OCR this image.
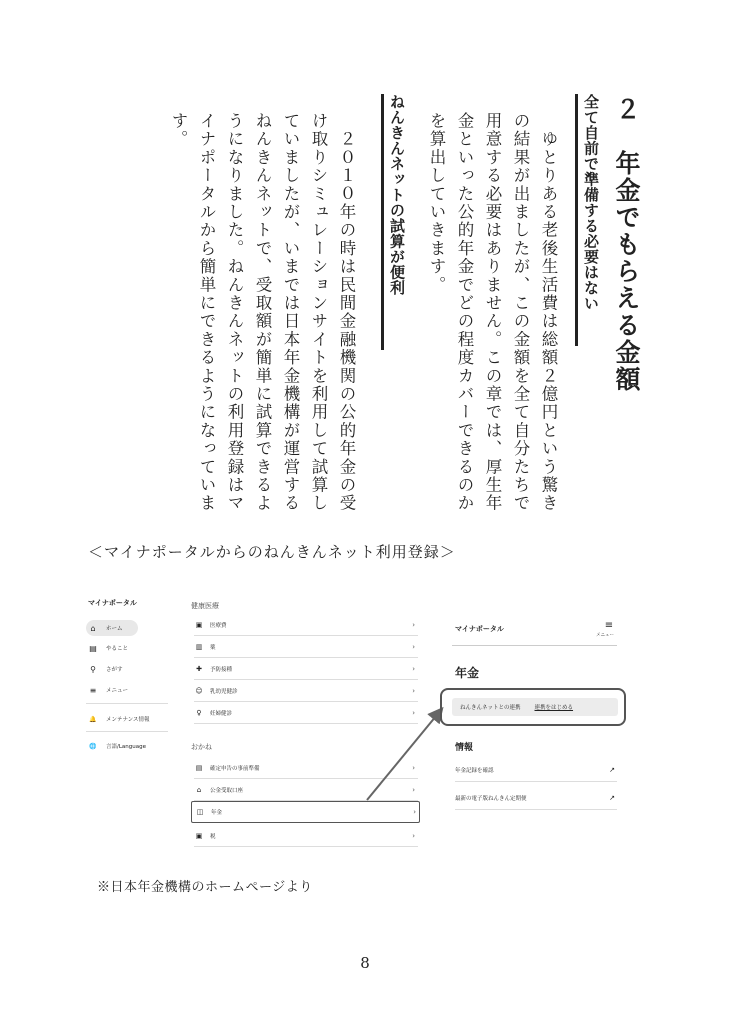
２　年金でもらえる金額
全て自前で準備する必要はない
　ゆとりある老後生活費は総額２億円という驚き
の結果が出ましたが、この金額を全て自分たちで
用意する必要はありません。この章では、厚生年
金といった公的年金でどの程度カバーできるのか
を算出していきます。
ねんきんネットの試算が便利
　２０１０年の時は民間金融機関の公的年金の受
け取りシミュレーションサイトを利用して試算し
ていましたが、いまでは日本年金機構が運営する
ねんきんネットで、受取額が簡単に試算できるよ
うになりました。ねんきんネットの利用登録はマ
イナポータルから簡単にできるようになっていま
す。
＜マイナポータルからのねんきんネット利用登録＞
マイナポータル
⌂	ホーム
▤	やること
⚲	さがす
≡	メニュー
🔔	メンテナンス情報
🌐	言語/Language
健康医療
▣	医療費	›
▥	薬	›
✚	予防接種	›
☺ 乳幼児健診	›
♀	妊婦健診	›
おかね
▤	確定申告の事前準備	›
⌂	公金受取口座	›
◫	年金	›
▣	税	›
マイナポータル	≡
メニュー
年金
ねんきんネットとの連携	連携をはじめる
情報
年金記録を確認	↗
最新の電子版ねんきん定期便	↗
※日本年金機構のホームページより
8
